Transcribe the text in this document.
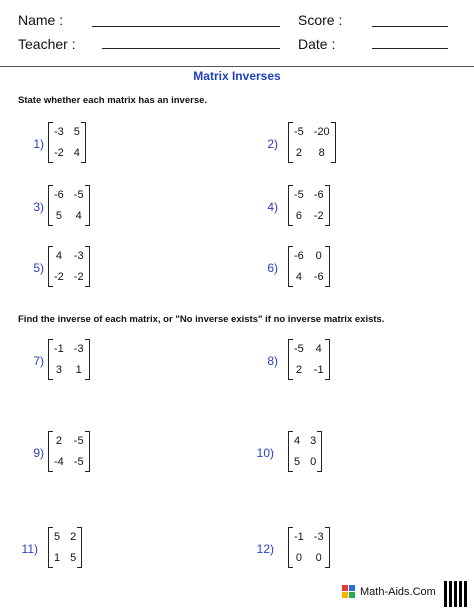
Name :	Score :
Teacher :	Date :
Matrix Inverses
State whether each matrix has an inverse.
Find the inverse of each matrix, or "No inverse exists" if no inverse matrix exists.
1)
-3 5
-2 4
2)
-5 -20
2 8
3)
-6 -5
5 4
4)
-5 -6
6 -2
5)
4 -3
-2 -2
6)
-6 0
4 -6
7)
-1 -3
3 1
8)
-5 4
2 -1
9)
2 -5
-4 -5
10)
4 3
5 0
11)
5 2
1 5
12)
-1 -3
0 0
Math-Aids.Com
